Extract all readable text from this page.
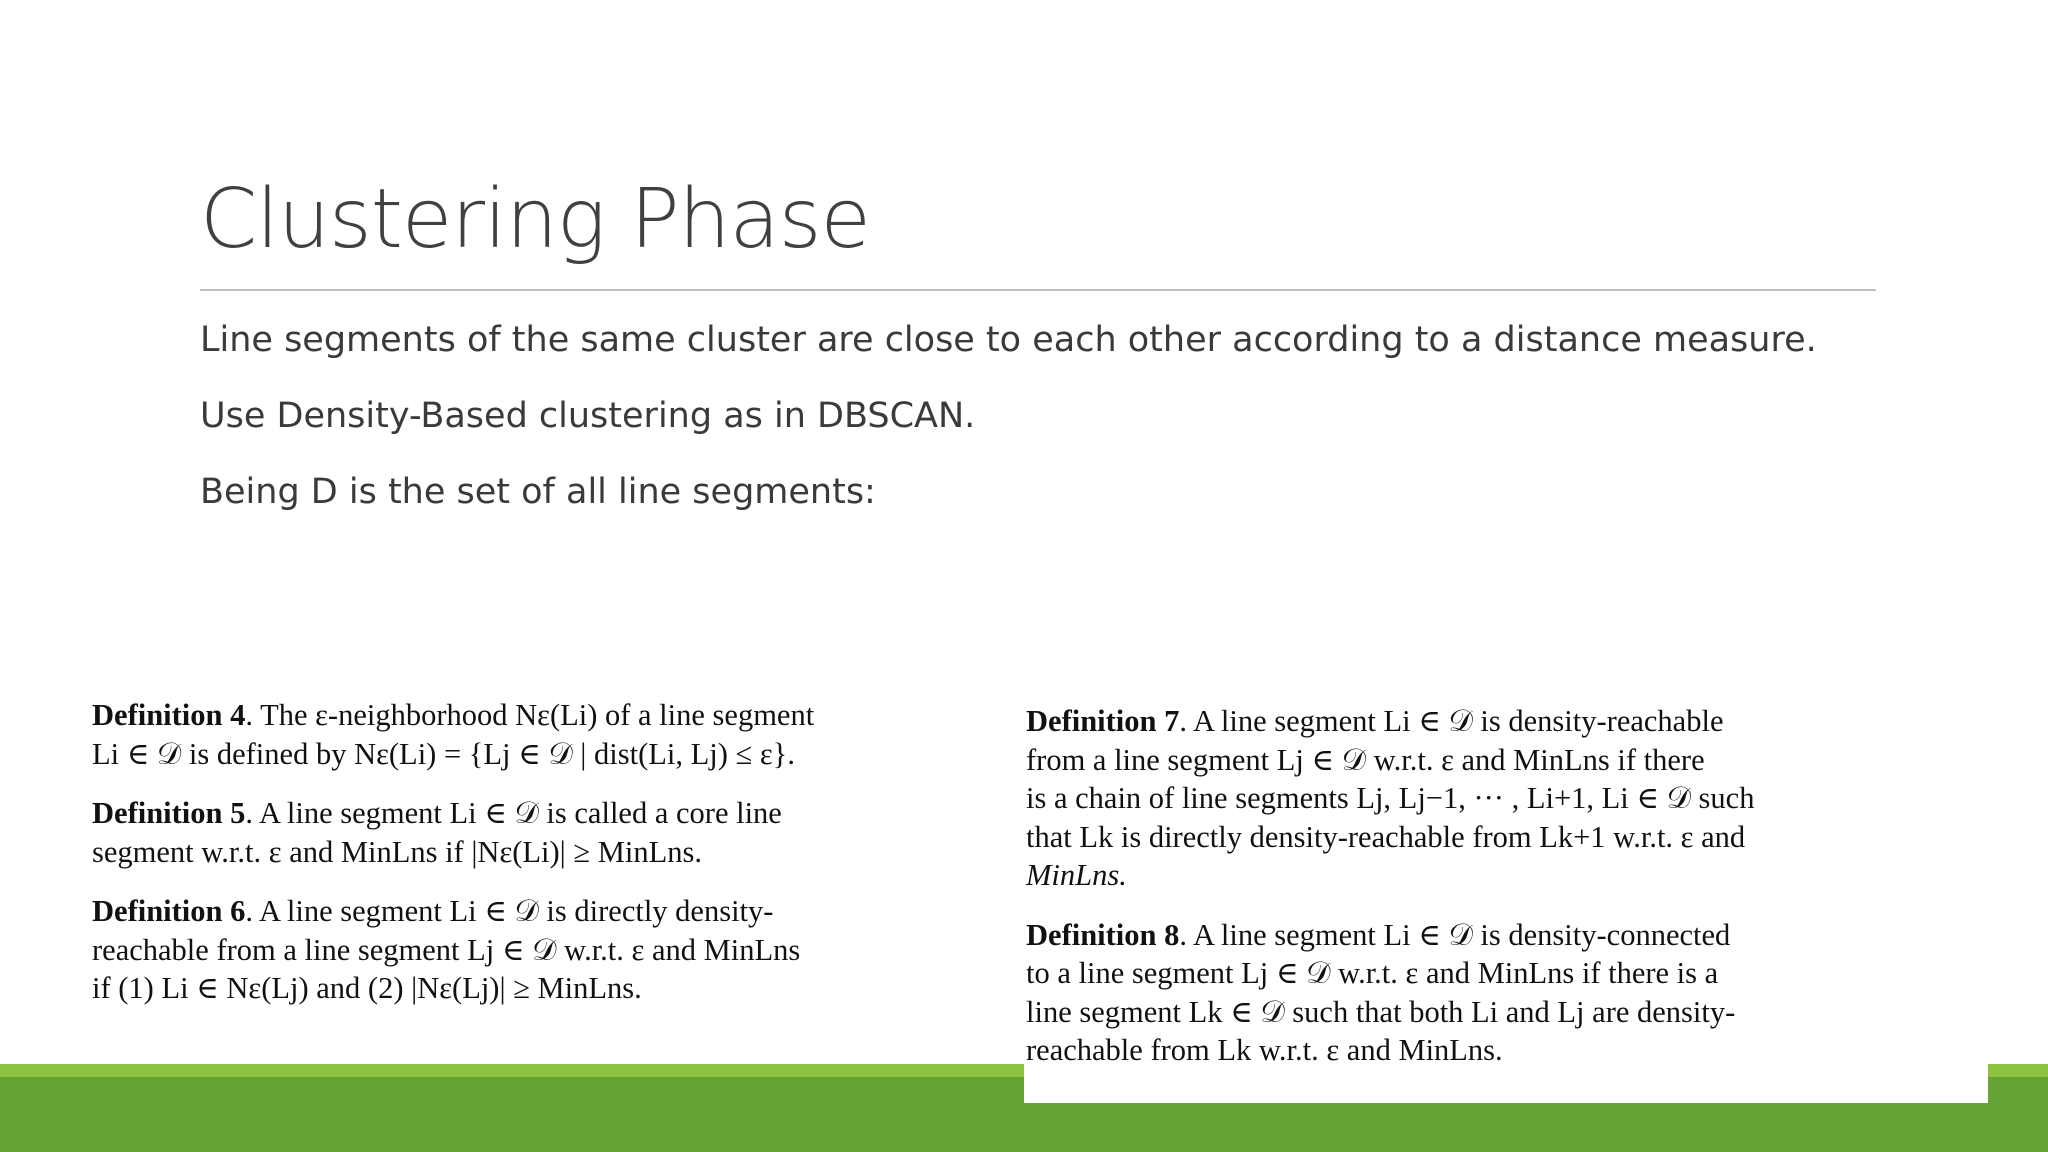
Clustering Phase
Line segments of the same cluster are close to each other according to a distance measure.
Use Density-Based clustering as in DBSCAN.
Being D is the set of all line segments:
Definition 4. The ε-neighborhood Nε(Li) of a line segment
Li ∈ 𝒟 is defined by Nε(Li) = {Lj ∈ 𝒟 | dist(Li, Lj) ≤ ε}.
Definition 5. A line segment Li ∈ 𝒟 is called a core line
segment w.r.t. ε and MinLns if |Nε(Li)| ≥ MinLns.
Definition 6. A line segment Li ∈ 𝒟 is directly density-
reachable from a line segment Lj ∈ 𝒟 w.r.t. ε and MinLns
if (1) Li ∈ Nε(Lj) and (2) |Nε(Lj)| ≥ MinLns.
Definition 7. A line segment Li ∈ 𝒟 is density-reachable
from a line segment Lj ∈ 𝒟 w.r.t. ε and MinLns if there
is a chain of line segments Lj, Lj−1, ··· , Li+1, Li ∈ 𝒟 such
that Lk is directly density-reachable from Lk+1 w.r.t. ε and
MinLns.
Definition 8. A line segment Li ∈ 𝒟 is density-connected
to a line segment Lj ∈ 𝒟 w.r.t. ε and MinLns if there is a
line segment Lk ∈ 𝒟 such that both Li and Lj are density-
reachable from Lk w.r.t. ε and MinLns.
